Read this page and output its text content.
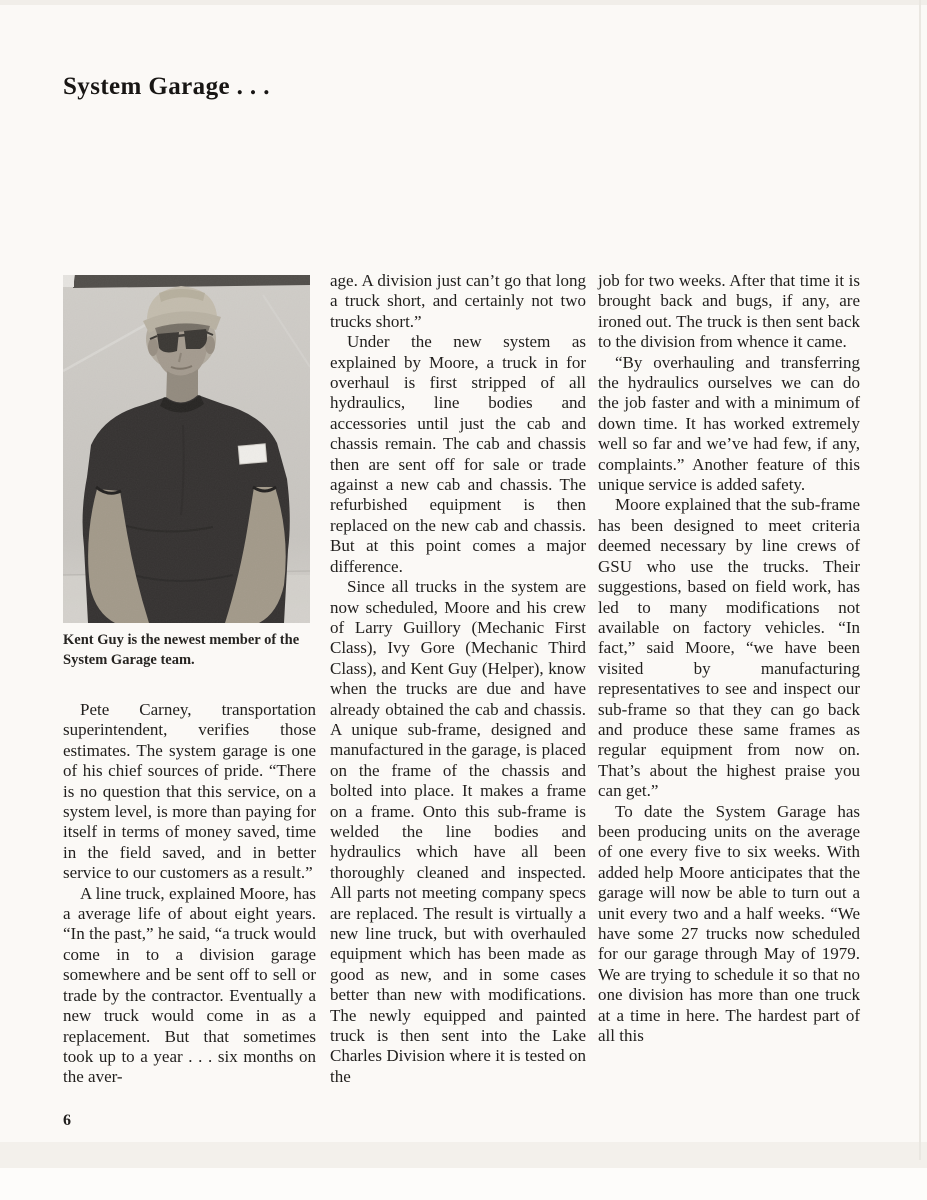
System Garage . . .
Kent Guy is the newest member of the System Garage team.

Pete Carney, transportation superintendent, verifies those estimates. The system garage is one of his chief sources of pride. “There is no question that this service, on a system level, is more than paying for itself in terms of money saved, time in the field saved, and in better service to our customers as a result.”

A line truck, explained Moore, has a average life of about eight years. “In the past,” he said, “a truck would come in to a division garage somewhere and be sent off to sell or trade by the contractor. Eventually a new truck would come in as a replacement. But that sometimes took up to a year . . . six months on the aver-

age. A division just can’t go that long a truck short, and certainly not two trucks short.”

Under the new system as explained by Moore, a truck in for overhaul is first stripped of all hydraulics, line bodies and accessories until just the cab and chassis remain. The cab and chassis then are sent off for sale or trade against a new cab and chassis. The refurbished equipment is then replaced on the new cab and chassis. But at this point comes a major difference.

Since all trucks in the system are now scheduled, Moore and his crew of Larry Guillory (Mechanic First Class), Ivy Gore (Mechanic Third Class), and Kent Guy (Helper), know when the trucks are due and have already obtained the cab and chassis. A unique sub-frame, designed and manufactured in the garage, is placed on the frame of the chassis and bolted into place. It makes a frame on a frame. Onto this sub-frame is welded the line bodies and hydraulics which have all been thoroughly cleaned and inspected. All parts not meeting company specs are replaced. The result is virtually a new line truck, but with overhauled equipment which has been made as good as new, and in some cases better than new with modifications. The newly equipped and painted truck is then sent into the Lake Charles Division where it is tested on the

job for two weeks. After that time it is brought back and bugs, if any, are ironed out. The truck is then sent back to the division from whence it came.

“By overhauling and transferring the hydraulics ourselves we can do the job faster and with a minimum of down time. It has worked extremely well so far and we’ve had few, if any, complaints.” Another feature of this unique service is added safety.

Moore explained that the sub-frame has been designed to meet criteria deemed necessary by line crews of GSU who use the trucks. Their suggestions, based on field work, has led to many modifications not available on factory vehicles. “In fact,” said Moore, “we have been visited by manufacturing representatives to see and inspect our sub-frame so that they can go back and produce these same frames as regular equipment from now on. That’s about the highest praise you can get.”

To date the System Garage has been producing units on the average of one every five to six weeks. With added help Moore anticipates that the garage will now be able to turn out a unit every two and a half weeks. “We have some 27 trucks now scheduled for our garage through May of 1979. We are trying to schedule it so that no one division has more than one truck at a time in here. The hardest part of all this

6
